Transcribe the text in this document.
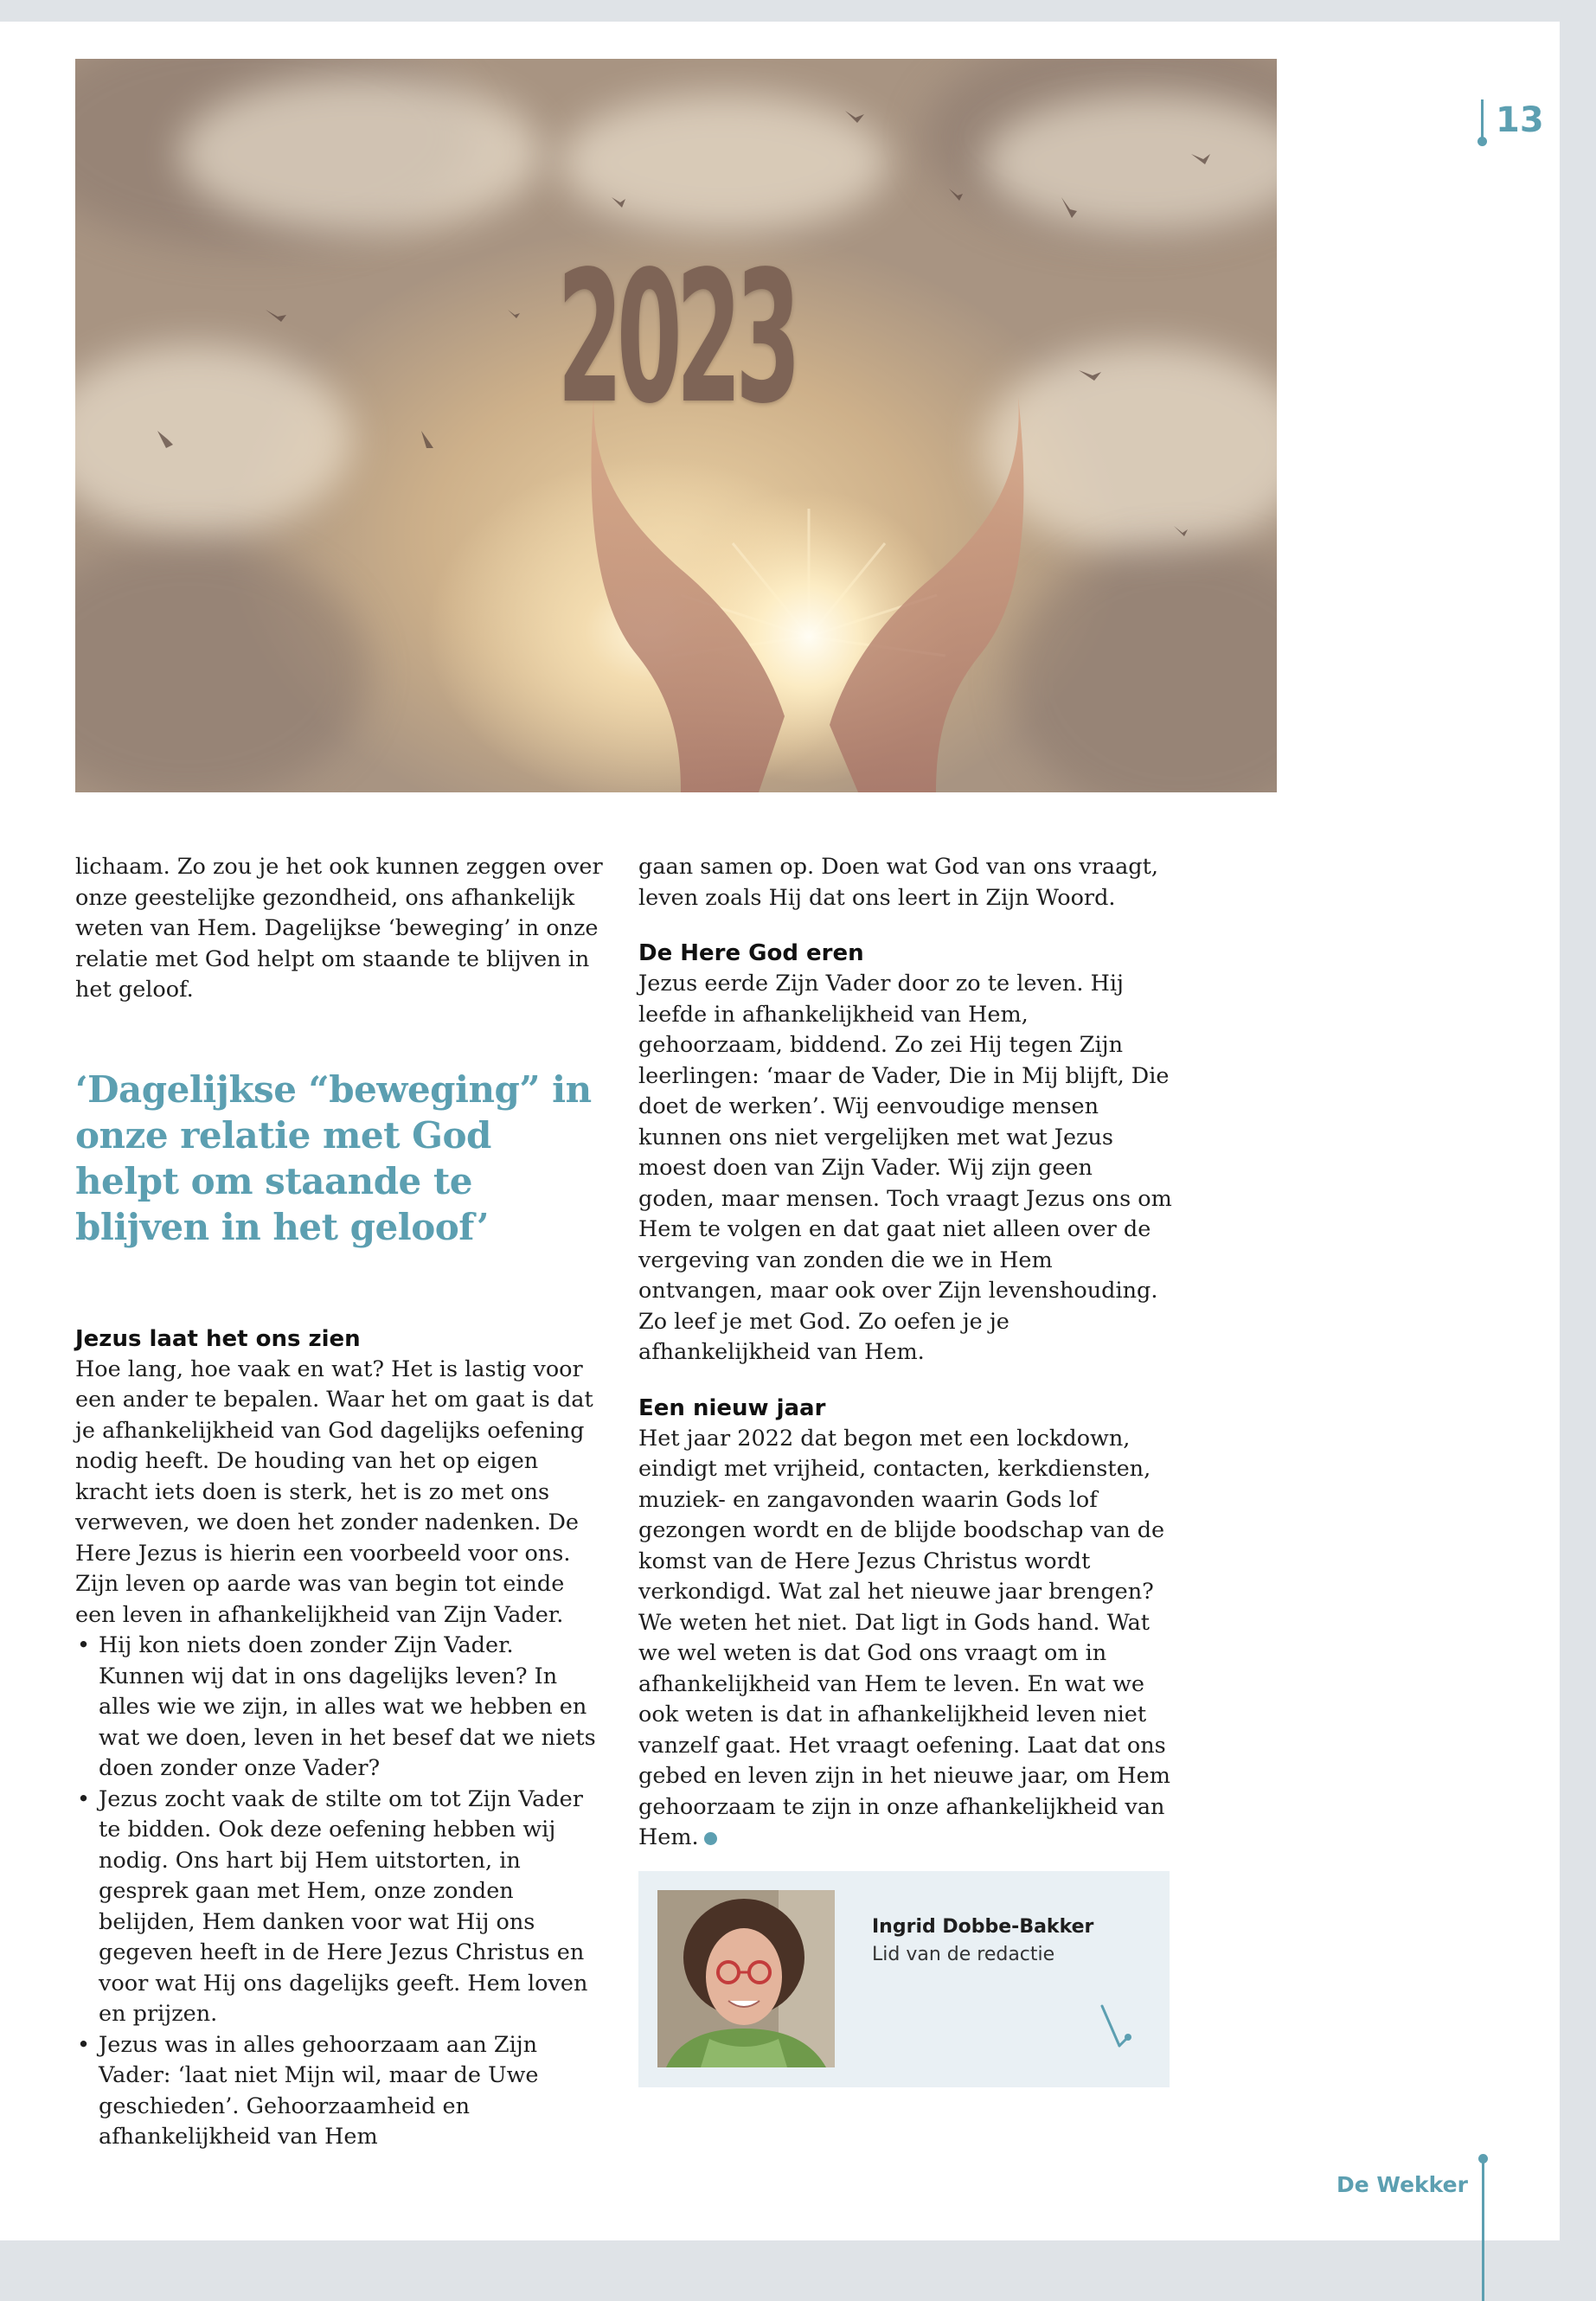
2023
13

lichaam. Zo zou je het ook kunnen zeggen over onze geestelijke gezondheid, ons afhankelijk weten van Hem. Dagelijkse ‘beweging’ in onze relatie met God helpt om staande te blijven in het geloof.

‘Dagelijkse “beweging” in onze relatie met God helpt om staande te blijven in het geloof’
Jezus laat het ons zien

Hoe lang, hoe vaak en wat? Het is lastig voor een ander te bepalen. Waar het om gaat is dat je afhankelijkheid van God dagelijks oefening nodig heeft. De houding van het op eigen kracht iets doen is sterk, het is zo met ons verweven, we doen het zonder nadenken. De Here Jezus is hierin een voorbeeld voor ons. Zijn leven op aarde was van begin tot einde een leven in afhankelijkheid van Zijn Vader.

• Hij kon niets doen zonder Zijn Vader. Kunnen wij dat in ons dagelijks leven? In alles wie we zijn, in alles wat we hebben en wat we doen, leven in het besef dat we niets doen zonder onze Vader?
• Jezus zocht vaak de stilte om tot Zijn Vader te bidden. Ook deze oefening hebben wij nodig. Ons hart bij Hem uitstorten, in gesprek gaan met Hem, onze zonden belijden, Hem danken voor wat Hij ons gegeven heeft in de Here Jezus Christus en voor wat Hij ons dagelijks geeft. Hem loven en prijzen.
• Jezus was in alles gehoorzaam aan Zijn Vader: ‘laat niet Mijn wil, maar de Uwe geschieden’. Gehoorzaamheid en afhankelijkheid van Hem

gaan samen op. Doen wat God van ons vraagt, leven zoals Hij dat ons leert in Zijn Woord.

De Here God eren

Jezus eerde Zijn Vader door zo te leven. Hij leefde in afhankelijkheid van Hem, gehoorzaam, biddend. Zo zei Hij tegen Zijn leerlingen: ‘maar de Vader, Die in Mij blijft, Die doet de werken’. Wij eenvoudige mensen kunnen ons niet vergelijken met wat Jezus moest doen van Zijn Vader. Wij zijn geen goden, maar mensen. Toch vraagt Jezus ons om Hem te volgen en dat gaat niet alleen over de vergeving van zonden die we in Hem ontvangen, maar ook over Zijn levenshouding. Zo leef je met God. Zo oefen je je afhankelijkheid van Hem.

Een nieuw jaar

Het jaar 2022 dat begon met een lockdown, eindigt met vrijheid, contacten, kerkdiensten, muziek- en zangavonden waarin Gods lof gezongen wordt en de blijde boodschap van de komst van de Here Jezus Christus wordt verkondigd. Wat zal het nieuwe jaar brengen? We weten het niet. Dat ligt in Gods hand. Wat we wel weten is dat God ons vraagt om in afhankelijkheid van Hem te leven. En wat we ook weten is dat in afhankelijkheid leven niet vanzelf gaat. Het vraagt oefening. Laat dat ons gebed en leven zijn in het nieuwe jaar, om Hem gehoorzaam te zijn in onze afhankelijkheid van Hem.

Ingrid Dobbe-Bakker
Lid van de redactie
De Wekker
